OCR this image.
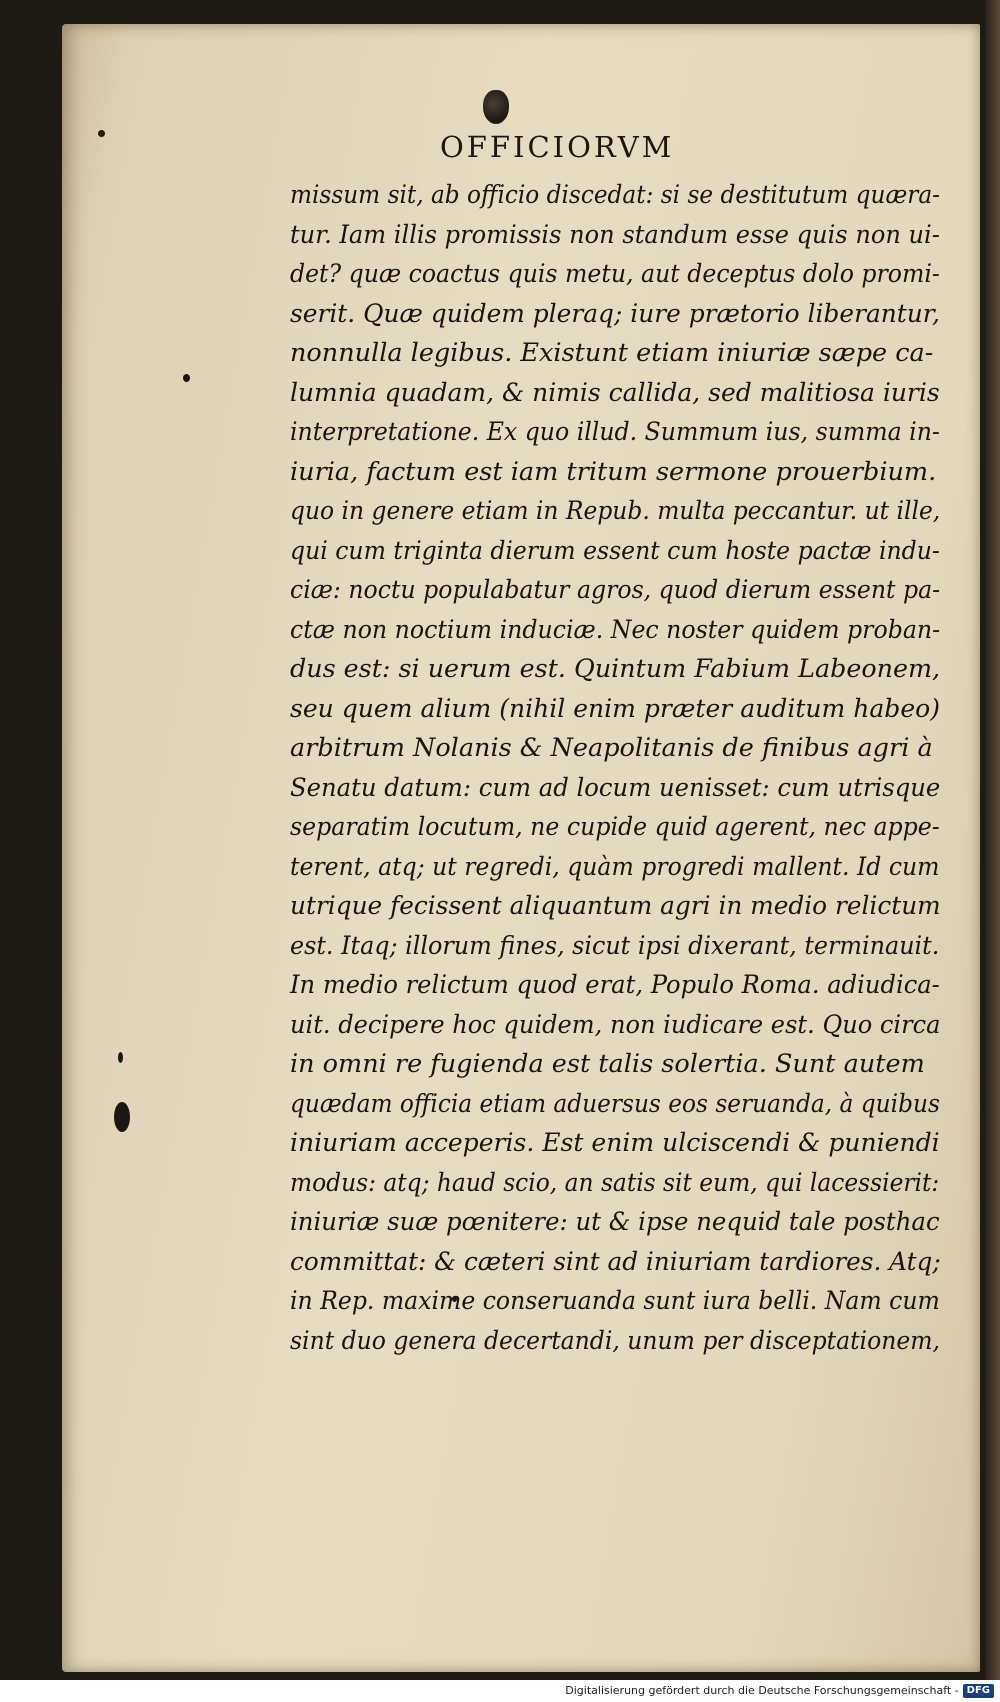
OFFICIORVM
missum sit, ab officio discedat: si se destitutum quæra-
tur. Iam illis promissis non standum esse quis non ui-
det? quæ coactus quis metu, aut deceptus dolo promi-
serit. Quæ quidem pleraq; iure prætorio liberantur,
nonnulla legibus. Existunt etiam iniuriæ sæpe ca-
lumnia quadam, & nimis callida, sed malitiosa iuris
interpretatione. Ex quo illud. Summum ius, summa in-
iuria, factum est iam tritum sermone prouerbium.
quo in genere etiam in Repub. multa peccantur. ut ille,
qui cum triginta dierum essent cum hoste pactæ indu-
ciæ: noctu populabatur agros, quod dierum essent pa-
ctæ non noctium induciæ. Nec noster quidem proban-
dus est: si uerum est. Quintum Fabium Labeonem,
seu quem alium (nihil enim præter auditum habeo)
arbitrum Nolanis & Neapolitanis de finibus agri à
Senatu datum: cum ad locum uenisset: cum utrisque
separatim locutum, ne cupide quid agerent, nec appe-
terent, atq; ut regredi, quàm progredi mallent. Id cum
utrique fecissent aliquantum agri in medio relictum
est. Itaq; illorum fines, sicut ipsi dixerant, terminauit.
In medio relictum quod erat, Populo Roma. adiudica-
uit. decipere hoc quidem, non iudicare est. Quo circa
in omni re fugienda est talis solertia. Sunt autem
quædam officia etiam aduersus eos seruanda, à quibus
iniuriam acceperis. Est enim ulciscendi & puniendi
modus: atq; haud scio, an satis sit eum, qui lacessierit:
iniuriæ suæ pœnitere: ut & ipse nequid tale posthac
committat: & cæteri sint ad iniuriam tardiores. Atq;
in Rep. maxime conseruanda sunt iura belli. Nam cum
sint duo genera decertandi, unum per disceptationem,
Digitalisierung gefördert durch die Deutsche Forschungsgemeinschaft - DFG
